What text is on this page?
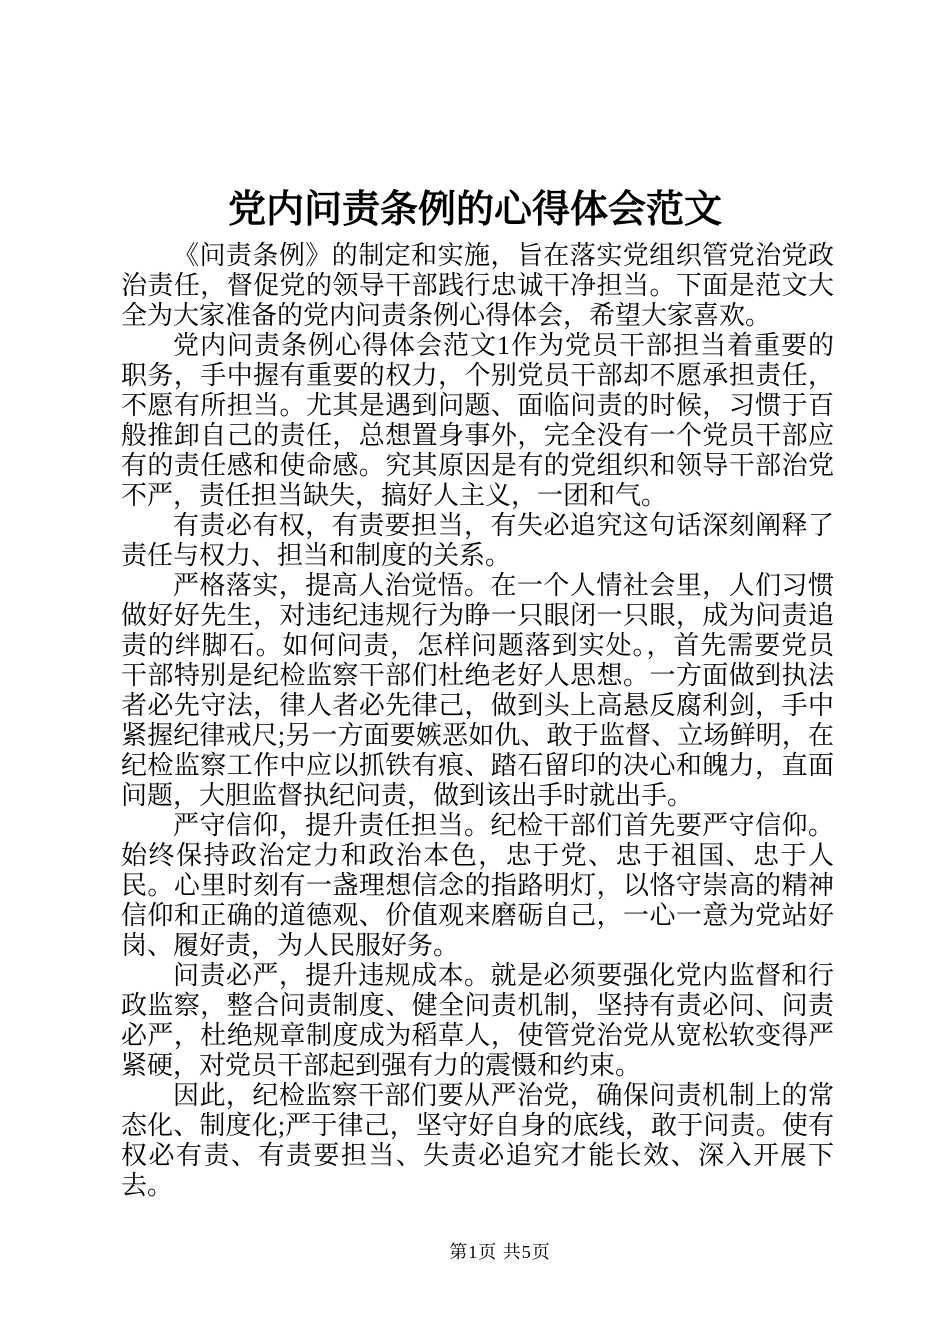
党内问责条例的心得体会范文

《问责条例》的制定和实施，旨在落实党组织管党治党政治责任，督促党的领导干部践行忠诚干净担当。下面是范文大全为大家准备的党内问责条例心得体会，希望大家喜欢。

党内问责条例心得体会范文1作为党员干部担当着重要的职务，手中握有重要的权力，个别党员干部却不愿承担责任，不愿有所担当。尤其是遇到问题、面临问责的时候，习惯于百般推卸自己的责任，总想置身事外，完全没有一个党员干部应有的责任感和使命感。究其原因是有的党组织和领导干部治党不严，责任担当缺失，搞好人主义，一团和气。

有责必有权，有责要担当，有失必追究这句话深刻阐释了责任与权力、担当和制度的关系。

严格落实，提高人治觉悟。在一个人情社会里，人们习惯做好好先生，对违纪违规行为睁一只眼闭一只眼，成为问责追责的绊脚石。如何问责，怎样问题落到实处。，首先需要党员干部特别是纪检监察干部们杜绝老好人思想。一方面做到执法者必先守法，律人者必先律己，做到头上高悬反腐利剑，手中紧握纪律戒尺;另一方面要嫉恶如仇、敢于监督、立场鲜明，在纪检监察工作中应以抓铁有痕、踏石留印的决心和魄力，直面问题，大胆监督执纪问责，做到该出手时就出手。

严守信仰，提升责任担当。纪检干部们首先要严守信仰。始终保持政治定力和政治本色，忠于党、忠于祖国、忠于人民。心里时刻有一盏理想信念的指路明灯，以恪守崇高的精神信仰和正确的道德观、价值观来磨砺自己，一心一意为党站好岗、履好责，为人民服好务。

问责必严，提升违规成本。就是必须要强化党内监督和行政监察，整合问责制度、健全问责机制，坚持有责必问、问责必严，杜绝规章制度成为稻草人，使管党治党从宽松软变得严紧硬，对党员干部起到强有力的震慑和约束。

因此，纪检监察干部们要从严治党，确保问责机制上的常态化、制度化;严于律己，坚守好自身的底线，敢于问责。使有权必有责、有责要担当、失责必追究才能长效、深入开展下去。

第1页 共5页
